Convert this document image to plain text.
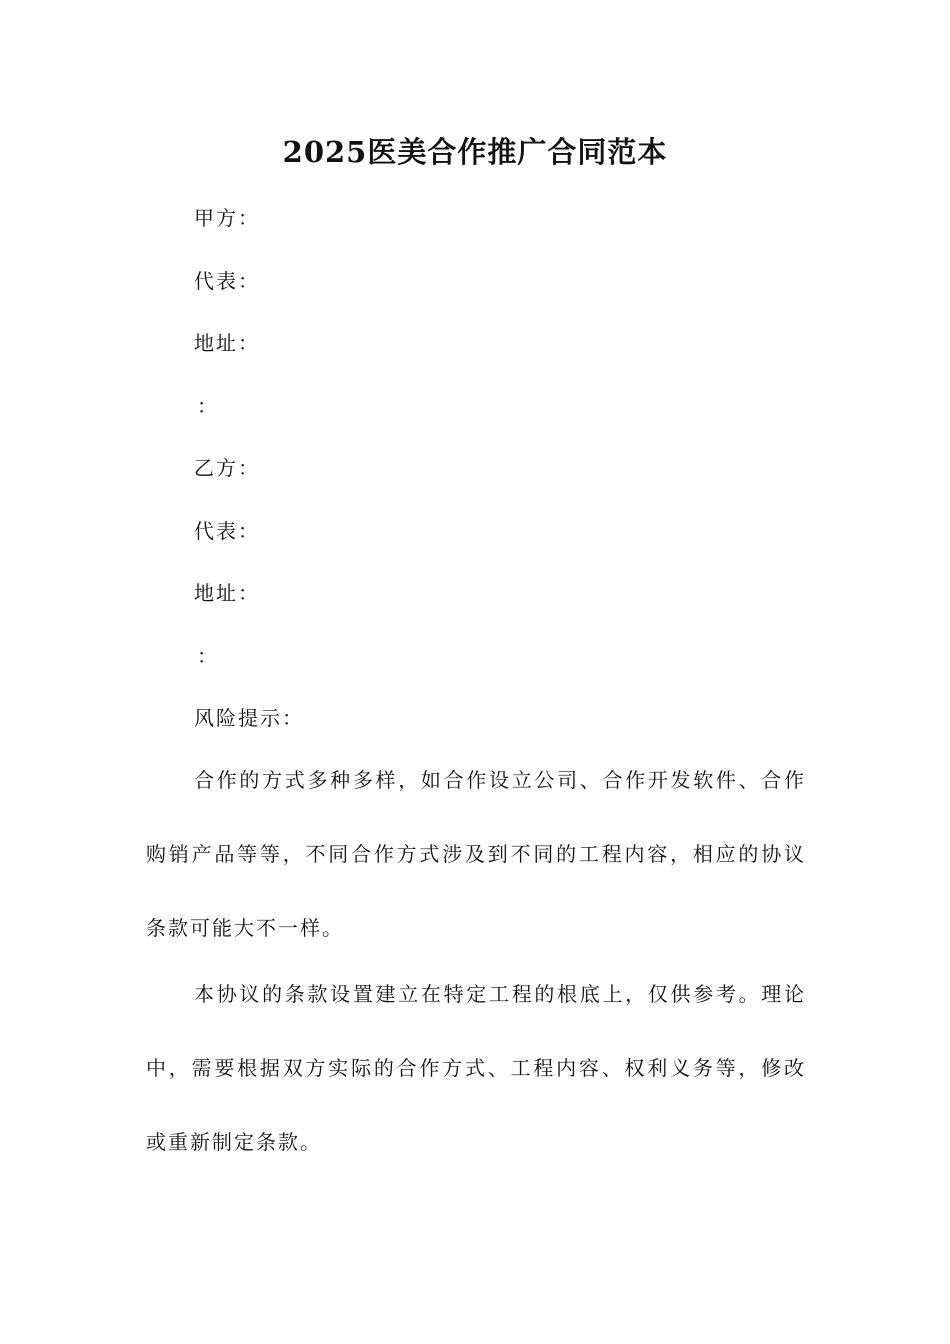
2025医美合作推广合同范本
甲方：
代表：
地址：
：
乙方：
代表：
地址：
：
风险提示：
合作的方式多种多样，如合作设立公司、合作开发软件、合作
购销产品等等，不同合作方式涉及到不同的工程内容，相应的协议
条款可能大不一样。
本协议的条款设置建立在特定工程的根底上，仅供参考。理论
中，需要根据双方实际的合作方式、工程内容、权利义务等，修改
或重新制定条款。
